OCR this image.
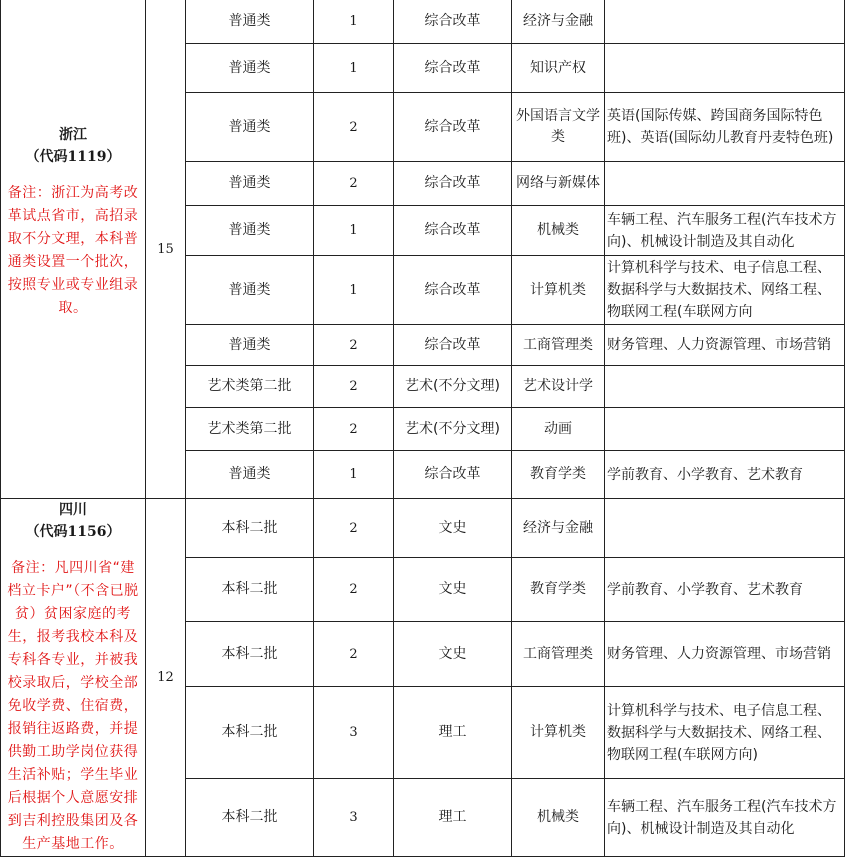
浙江
（代码1119）
备注：浙江为高考改革试点省市，高招录取不分文理，本科普通类设置一个批次，按照专业或专业组录取。	15	普通类	1	综合改革	经济与金融	
		普通类	1	综合改革	知识产权	
		普通类	2	综合改革	外国语言文学类	英语(国际传媒、跨国商务国际特色班)、英语(国际幼儿教育丹麦特色班)
		普通类	2	综合改革	网络与新媒体	
		普通类	1	综合改革	机械类	车辆工程、汽车服务工程(汽车技术方向)、机械设计制造及其自动化
		普通类	1	综合改革	计算机类	计算机科学与技术、电子信息工程、数据科学与大数据技术、网络工程、物联网工程(车联网方向
		普通类	2	综合改革	工商管理类	财务管理、人力资源管理、市场营销
		艺术类第二批	2	艺术(不分文理)	艺术设计学	
		艺术类第二批	2	艺术(不分文理)	动画	
		普通类	1	综合改革	教育学类	学前教育、小学教育、艺术教育

四川
（代码1156）
备注：凡四川省“建档立卡户”（不含已脱贫）贫困家庭的考生，报考我校本科及专科各专业，并被我校录取后，学校全部免收学费、住宿费，报销往返路费，并提供勤工助学岗位获得生活补贴；学生毕业后根据个人意愿安排到吉利控股集团及各生产基地工作。	12	本科二批	2	文史	经济与金融	
		本科二批	2	文史	教育学类	学前教育、小学教育、艺术教育
		本科二批	2	文史	工商管理类	财务管理、人力资源管理、市场营销
		本科二批	3	理工	计算机类	计算机科学与技术、电子信息工程、数据科学与大数据技术、网络工程、物联网工程(车联网方向)
		本科二批	3	理工	机械类	车辆工程、汽车服务工程(汽车技术方向)、机械设计制造及其自动化
